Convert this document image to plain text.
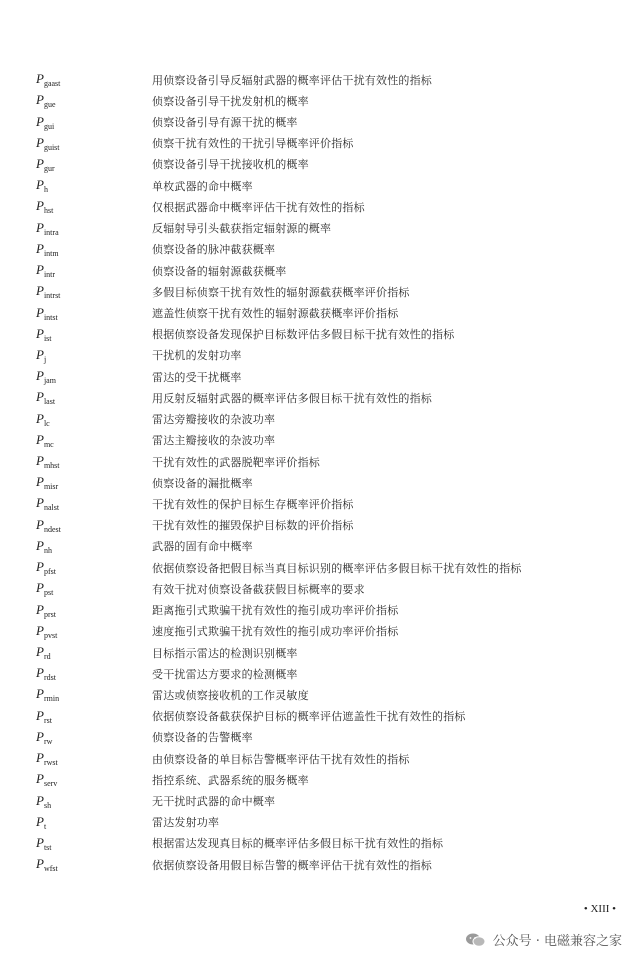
$P_{gaast}$	用侦察设备引导反辐射武器的概率评估干扰有效性的指标
$P_{gue}$	侦察设备引导干扰发射机的概率
$P_{gui}$	侦察设备引导有源干扰的概率
$P_{guist}$	侦察干扰有效性的干扰引导概率评价指标
$P_{gur}$	侦察设备引导干扰接收机的概率
$P_h$	单枚武器的命中概率
$P_{hst}$	仅根据武器命中概率评估干扰有效性的指标
$P_{intra}$	反辐射导引头截获指定辐射源的概率
$P_{intm}$	侦察设备的脉冲截获概率
$P_{intr}$	侦察设备的辐射源截获概率
$P_{intrst}$	多假目标侦察干扰有效性的辐射源截获概率评价指标
$P_{intst}$	遮盖性侦察干扰有效性的辐射源截获概率评价指标
$P_{ist}$	根据侦察设备发现保护目标数评估多假目标干扰有效性的指标
$P_j$	干扰机的发射功率
$P_{jam}$	雷达的受干扰概率
$P_{last}$	用反射反辐射武器的概率评估多假目标干扰有效性的指标
$P_{lc}$	雷达旁瓣接收的杂波功率
$P_{mc}$	雷达主瓣接收的杂波功率
$P_{mhst}$	干扰有效性的武器脱靶率评价指标
$P_{misr}$	侦察设备的漏批概率
$P_{nalst}$	干扰有效性的保护目标生存概率评价指标
$P_{ndest}$	干扰有效性的摧毁保护目标数的评价指标
$P_{nh}$	武器的固有命中概率
$P_{pfst}$	依据侦察设备把假目标当真目标识别的概率评估多假目标干扰有效性的指标
$P_{pst}$	有效干扰对侦察设备截获假目标概率的要求
$P_{prst}$	距离拖引式欺骗干扰有效性的拖引成功率评价指标
$P_{pvst}$	速度拖引式欺骗干扰有效性的拖引成功率评价指标
$P_{rd}$	目标指示雷达的检测识别概率
$P_{rdst}$	受干扰雷达方要求的检测概率
$P_{rmin}$	雷达或侦察接收机的工作灵敏度
$P_{rst}$	依据侦察设备截获保护目标的概率评估遮盖性干扰有效性的指标
$P_{rw}$	侦察设备的告警概率
$P_{rwst}$	由侦察设备的单目标告警概率评估干扰有效性的指标
$P_{serv}$	指控系统、武器系统的服务概率
$P_{sh}$	无干扰时武器的命中概率
$P_t$	雷达发射功率
$P_{tst}$	根据雷达发现真目标的概率评估多假目标干扰有效性的指标
$P_{wfst}$	依据侦察设备用假目标告警的概率评估干扰有效性的指标
• XIII •
公众号 · 电磁兼容之家
